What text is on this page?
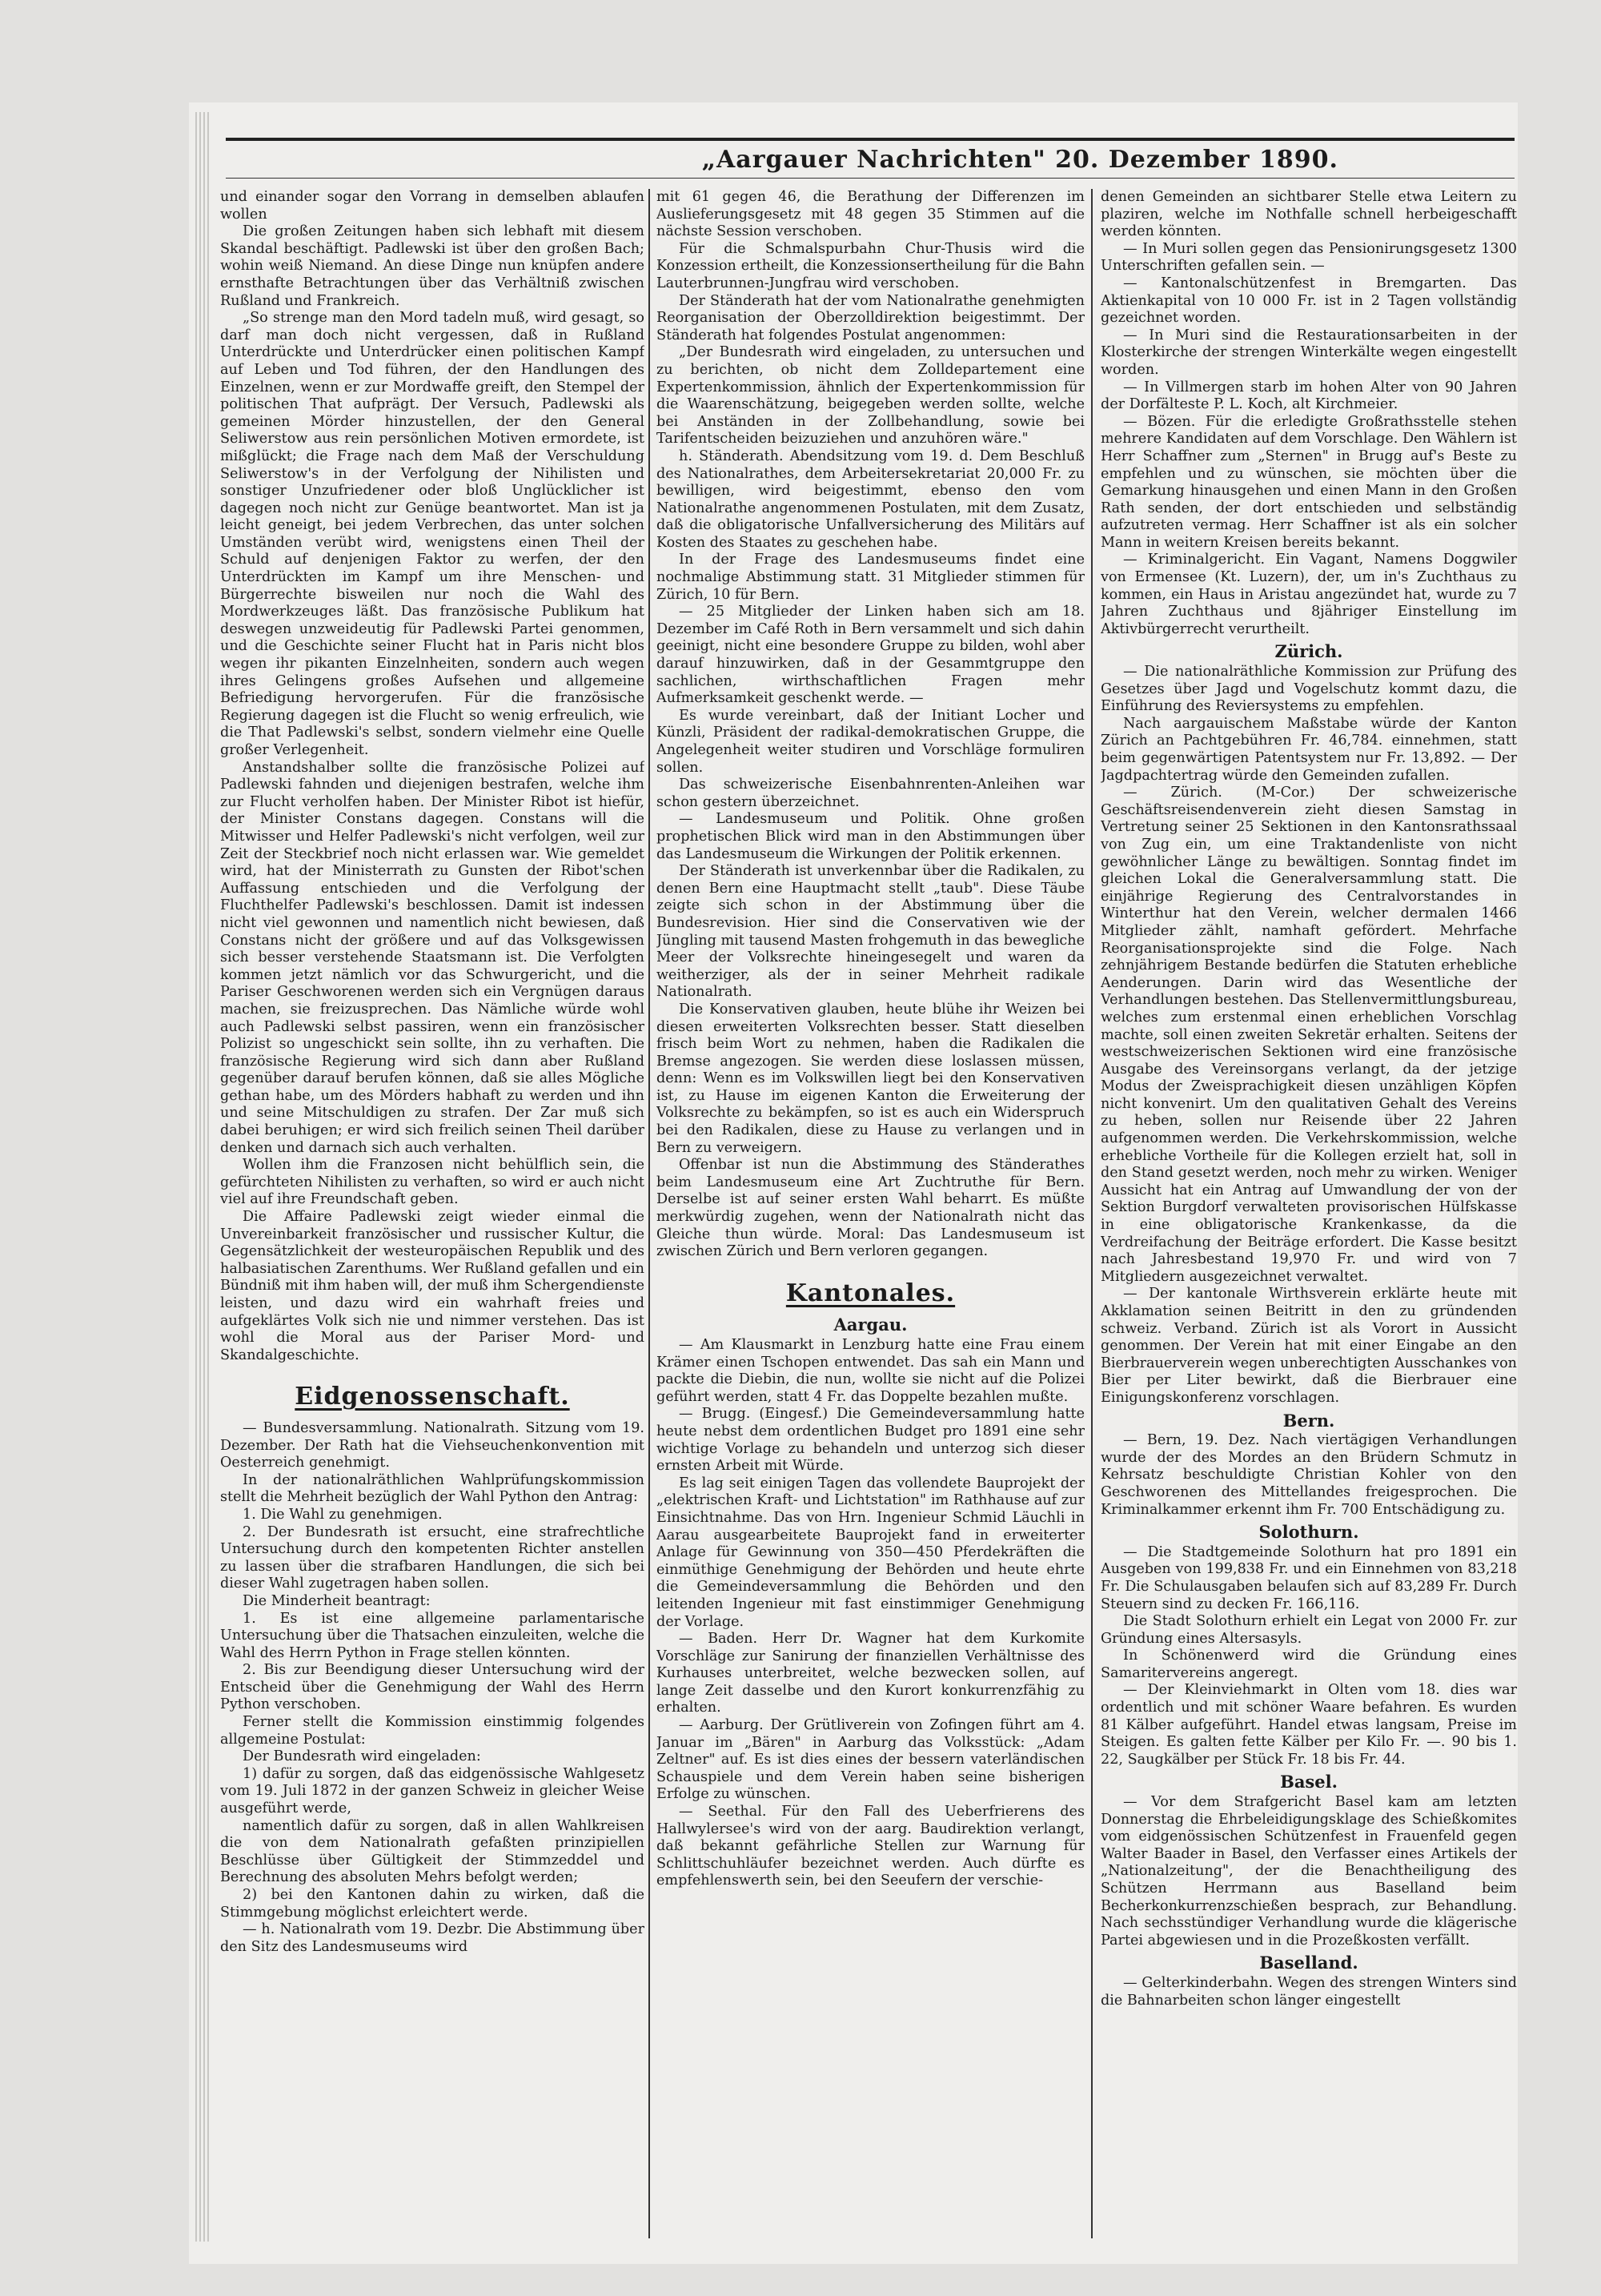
„Aargauer Nachrichten" 20. Dezember 1890.

und einander sogar den Vorrang in demselben ablaufen wollen

Die großen Zeitungen haben sich lebhaft mit diesem Skandal beschäftigt. Padlewski ist über den großen Bach; wohin weiß Niemand. An diese Dinge nun knüpfen andere ernsthafte Betrachtungen über das Verhältniß zwischen Rußland und Frankreich.

„So strenge man den Mord tadeln muß, wird gesagt, so darf man doch nicht vergessen, daß in Rußland Unterdrückte und Unterdrücker einen politischen Kampf auf Leben und Tod führen, der den Handlungen des Einzelnen, wenn er zur Mordwaffe greift, den Stempel der politischen That aufprägt. Der Versuch, Padlewski als gemeinen Mörder hinzustellen, der den General Seliwerstow aus rein persönlichen Motiven ermordete, ist mißglückt; die Frage nach dem Maß der Verschuldung Seliwerstow's in der Verfolgung der Nihilisten und sonstiger Unzufriedener oder bloß Unglücklicher ist dagegen noch nicht zur Genüge beantwortet. Man ist ja leicht geneigt, bei jedem Verbrechen, das unter solchen Umständen verübt wird, wenigstens einen Theil der Schuld auf denjenigen Faktor zu werfen, der den Unterdrückten im Kampf um ihre Menschen- und Bürgerrechte bisweilen nur noch die Wahl des Mordwerkzeuges läßt. Das französische Publikum hat deswegen unzweideutig für Padlewski Partei genommen, und die Geschichte seiner Flucht hat in Paris nicht blos wegen ihr pikanten Einzelnheiten, sondern auch wegen ihres Gelingens großes Aufsehen und allgemeine Befriedigung hervorgerufen. Für die französische Regierung dagegen ist die Flucht so wenig erfreulich, wie die That Padlewski's selbst, sondern vielmehr eine Quelle großer Verlegenheit.

Anstandshalber sollte die französische Polizei auf Padlewski fahnden und diejenigen bestrafen, welche ihm zur Flucht verholfen haben. Der Minister Ribot ist hiefür, der Minister Constans dagegen. Constans will die Mitwisser und Helfer Padlewski's nicht verfolgen, weil zur Zeit der Steckbrief noch nicht erlassen war. Wie gemeldet wird, hat der Ministerrath zu Gunsten der Ribot'schen Auffassung entschieden und die Verfolgung der Fluchthelfer Padlewski's beschlossen. Damit ist indessen nicht viel gewonnen und namentlich nicht bewiesen, daß Constans nicht der größere und auf das Volksgewissen sich besser verstehende Staatsmann ist. Die Verfolgten kommen jetzt nämlich vor das Schwurgericht, und die Pariser Geschworenen werden sich ein Vergnügen daraus machen, sie freizusprechen. Das Nämliche würde wohl auch Padlewski selbst passiren, wenn ein französischer Polizist so ungeschickt sein sollte, ihn zu verhaften. Die französische Regierung wird sich dann aber Rußland gegenüber darauf berufen können, daß sie alles Mögliche gethan habe, um des Mörders habhaft zu werden und ihn und seine Mitschuldigen zu strafen. Der Zar muß sich dabei beruhigen; er wird sich freilich seinen Theil darüber denken und darnach sich auch verhalten.

Wollen ihm die Franzosen nicht behülflich sein, die gefürchteten Nihilisten zu verhaften, so wird er auch nicht viel auf ihre Freundschaft geben.

Die Affaire Padlewski zeigt wieder einmal die Unvereinbarkeit französischer und russischer Kultur, die Gegensätzlichkeit der westeuropäischen Republik und des halbasiatischen Zarenthums. Wer Rußland gefallen und ein Bündniß mit ihm haben will, der muß ihm Schergendienste leisten, und dazu wird ein wahrhaft freies und aufgeklärtes Volk sich nie und nimmer verstehen. Das ist wohl die Moral aus der Pariser Mord- und Skandalgeschichte.

Eidgenossenschaft.

— Bundesversammlung. Nationalrath. Sitzung vom 19. Dezember. Der Rath hat die Viehseuchenkonvention mit Oesterreich genehmigt.

In der nationalräthlichen Wahlprüfungskommission stellt die Mehrheit bezüglich der Wahl Python den Antrag:

1. Die Wahl zu genehmigen.

2. Der Bundesrath ist ersucht, eine strafrechtliche Untersuchung durch den kompetenten Richter anstellen zu lassen über die strafbaren Handlungen, die sich bei dieser Wahl zugetragen haben sollen.

Die Minderheit beantragt:

1. Es ist eine allgemeine parlamentarische Untersuchung über die Thatsachen einzuleiten, welche die Wahl des Herrn Python in Frage stellen könnten.

2. Bis zur Beendigung dieser Untersuchung wird der Entscheid über die Genehmigung der Wahl des Herrn Python verschoben.

Ferner stellt die Kommission einstimmig folgendes allgemeine Postulat:

Der Bundesrath wird eingeladen:

1) dafür zu sorgen, daß das eidgenössische Wahlgesetz vom 19. Juli 1872 in der ganzen Schweiz in gleicher Weise ausgeführt werde,

namentlich dafür zu sorgen, daß in allen Wahlkreisen die von dem Nationalrath gefaßten prinzipiellen Beschlüsse über Gültigkeit der Stimmzeddel und Berechnung des absoluten Mehrs befolgt werden;

2) bei den Kantonen dahin zu wirken, daß die Stimmgebung möglichst erleichtert werde.

— h. Nationalrath vom 19. Dezbr. Die Abstimmung über den Sitz des Landesmuseums wird

mit 61 gegen 46, die Berathung der Differenzen im Auslieferungsgesetz mit 48 gegen 35 Stimmen auf die nächste Session verschoben.

Für die Schmalspurbahn Chur-Thusis wird die Konzession ertheilt, die Konzessionsertheilung für die Bahn Lauterbrunnen-Jungfrau wird verschoben.

Der Ständerath hat der vom Nationalrathe genehmigten Reorganisation der Oberzolldirektion beigestimmt. Der Ständerath hat folgendes Postulat angenommen:

„Der Bundesrath wird eingeladen, zu untersuchen und zu berichten, ob nicht dem Zolldepartement eine Expertenkommission, ähnlich der Expertenkommission für die Waarenschätzung, beigegeben werden sollte, welche bei Anständen in der Zollbehandlung, sowie bei Tarifentscheiden beizuziehen und anzuhören wäre."

h. Ständerath. Abendsitzung vom 19. d. Dem Beschluß des Nationalrathes, dem Arbeitersekretariat 20,000 Fr. zu bewilligen, wird beigestimmt, ebenso den vom Nationalrathe angenommenen Postulaten, mit dem Zusatz, daß die obligatorische Unfallversicherung des Militärs auf Kosten des Staates zu geschehen habe.

In der Frage des Landesmuseums findet eine nochmalige Abstimmung statt. 31 Mitglieder stimmen für Zürich, 10 für Bern.

— 25 Mitglieder der Linken haben sich am 18. Dezember im Café Roth in Bern versammelt und sich dahin geeinigt, nicht eine besondere Gruppe zu bilden, wohl aber darauf hinzuwirken, daß in der Gesammtgruppe den sachlichen, wirthschaftlichen Fragen mehr Aufmerksamkeit geschenkt werde. —

Es wurde vereinbart, daß der Initiant Locher und Künzli, Präsident der radikal-demokratischen Gruppe, die Angelegenheit weiter studiren und Vorschläge formuliren sollen.

Das schweizerische Eisenbahnrenten-Anleihen war schon gestern überzeichnet.

— Landesmuseum und Politik. Ohne großen prophetischen Blick wird man in den Abstimmungen über das Landesmuseum die Wirkungen der Politik erkennen.

Der Ständerath ist unverkennbar über die Radikalen, zu denen Bern eine Hauptmacht stellt „taub". Diese Täube zeigte sich schon in der Abstimmung über die Bundesrevision. Hier sind die Conservativen wie der Jüngling mit tausend Masten frohgemuth in das bewegliche Meer der Volksrechte hineingesegelt und waren da weitherziger, als der in seiner Mehrheit radikale Nationalrath.

Die Konservativen glauben, heute blühe ihr Weizen bei diesen erweiterten Volksrechten besser. Statt dieselben frisch beim Wort zu nehmen, haben die Radikalen die Bremse angezogen. Sie werden diese loslassen müssen, denn: Wenn es im Volkswillen liegt bei den Konservativen ist, zu Hause im eigenen Kanton die Erweiterung der Volksrechte zu bekämpfen, so ist es auch ein Widerspruch bei den Radikalen, diese zu Hause zu verlangen und in Bern zu verweigern.

Offenbar ist nun die Abstimmung des Ständerathes beim Landesmuseum eine Art Zuchtruthe für Bern. Derselbe ist auf seiner ersten Wahl beharrt. Es müßte merkwürdig zugehen, wenn der Nationalrath nicht das Gleiche thun würde. Moral: Das Landesmuseum ist zwischen Zürich und Bern verloren gegangen.

Kantonales.
Aargau.

— Am Klausmarkt in Lenzburg hatte eine Frau einem Krämer einen Tschopen entwendet. Das sah ein Mann und packte die Diebin, die nun, wollte sie nicht auf die Polizei geführt werden, statt 4 Fr. das Doppelte bezahlen mußte.

— Brugg. (Eingesf.) Die Gemeindeversammlung hatte heute nebst dem ordentlichen Budget pro 1891 eine sehr wichtige Vorlage zu behandeln und unterzog sich dieser ernsten Arbeit mit Würde.

Es lag seit einigen Tagen das vollendete Bauprojekt der „elektrischen Kraft- und Lichtstation" im Rathhause auf zur Einsichtnahme. Das von Hrn. Ingenieur Schmid Läuchli in Aarau ausgearbeitete Bauprojekt fand in erweiterter Anlage für Gewinnung von 350—450 Pferdekräften die einmüthige Genehmigung der Behörden und heute ehrte die Gemeindeversammlung die Behörden und den leitenden Ingenieur mit fast einstimmiger Genehmigung der Vorlage.

— Baden. Herr Dr. Wagner hat dem Kurkomite Vorschläge zur Sanirung der finanziellen Verhältnisse des Kurhauses unterbreitet, welche bezwecken sollen, auf lange Zeit dasselbe und den Kurort konkurrenzfähig zu erhalten.

— Aarburg. Der Grütliverein von Zofingen führt am 4. Januar im „Bären" in Aarburg das Volksstück: „Adam Zeltner" auf. Es ist dies eines der bessern vaterländischen Schauspiele und dem Verein haben seine bisherigen Erfolge zu wünschen.

— Seethal. Für den Fall des Ueberfrierens des Hallwylersee's wird von der aarg. Baudirektion verlangt, daß bekannt gefährliche Stellen zur Warnung für Schlittschuhläufer bezeichnet werden. Auch dürfte es empfehlenswerth sein, bei den Seeufern der verschie-

denen Gemeinden an sichtbarer Stelle etwa Leitern zu plaziren, welche im Nothfalle schnell herbeigeschafft werden könnten.

— In Muri sollen gegen das Pensionirungsgesetz 1300 Unterschriften gefallen sein. —

— Kantonalschützenfest in Bremgarten. Das Aktienkapital von 10 000 Fr. ist in 2 Tagen vollständig gezeichnet worden.

— In Muri sind die Restaurationsarbeiten in der Klosterkirche der strengen Winterkälte wegen eingestellt worden.

— In Villmergen starb im hohen Alter von 90 Jahren der Dorfälteste P. L. Koch, alt Kirchmeier.

— Bözen. Für die erledigte Großrathsstelle stehen mehrere Kandidaten auf dem Vorschlage. Den Wählern ist Herr Schaffner zum „Sternen" in Brugg auf's Beste zu empfehlen und zu wünschen, sie möchten über die Gemarkung hinausgehen und einen Mann in den Großen Rath senden, der dort entschieden und selbständig aufzutreten vermag. Herr Schaffner ist als ein solcher Mann in weitern Kreisen bereits bekannt.

— Kriminalgericht. Ein Vagant, Namens Doggwiler von Ermensee (Kt. Luzern), der, um in's Zuchthaus zu kommen, ein Haus in Aristau angezündet hat, wurde zu 7 Jahren Zuchthaus und 8jähriger Einstellung im Aktivbürgerrecht verurtheilt.

Zürich.

— Die nationalräthliche Kommission zur Prüfung des Gesetzes über Jagd und Vogelschutz kommt dazu, die Einführung des Reviersystems zu empfehlen.

Nach aargauischem Maßstabe würde der Kanton Zürich an Pachtgebühren Fr. 46,784. einnehmen, statt beim gegenwärtigen Patentsystem nur Fr. 13,892. — Der Jagdpachtertrag würde den Gemeinden zufallen.

— Zürich. (M-Cor.) Der schweizerische Geschäftsreisendenverein zieht diesen Samstag in Vertretung seiner 25 Sektionen in den Kantonsrathssaal von Zug ein, um eine Traktandenliste von nicht gewöhnlicher Länge zu bewältigen. Sonntag findet im gleichen Lokal die Generalversammlung statt. Die einjährige Regierung des Centralvorstandes in Winterthur hat den Verein, welcher dermalen 1466 Mitglieder zählt, namhaft gefördert. Mehrfache Reorganisationsprojekte sind die Folge. Nach zehnjährigem Bestande bedürfen die Statuten erhebliche Aenderungen. Darin wird das Wesentliche der Verhandlungen bestehen. Das Stellenvermittlungsbureau, welches zum erstenmal einen erheblichen Vorschlag machte, soll einen zweiten Sekretär erhalten. Seitens der westschweizerischen Sektionen wird eine französische Ausgabe des Vereinsorgans verlangt, da der jetzige Modus der Zweisprachigkeit diesen unzähligen Köpfen nicht konvenirt. Um den qualitativen Gehalt des Vereins zu heben, sollen nur Reisende über 22 Jahren aufgenommen werden. Die Verkehrskommission, welche erhebliche Vortheile für die Kollegen erzielt hat, soll in den Stand gesetzt werden, noch mehr zu wirken. Weniger Aussicht hat ein Antrag auf Umwandlung der von der Sektion Burgdorf verwalteten provisorischen Hülfskasse in eine obligatorische Krankenkasse, da die Verdreifachung der Beiträge erfordert. Die Kasse besitzt nach Jahresbestand 19,970 Fr. und wird von 7 Mitgliedern ausgezeichnet verwaltet.

— Der kantonale Wirthsverein erklärte heute mit Akklamation seinen Beitritt in den zu gründenden schweiz. Verband. Zürich ist als Vorort in Aussicht genommen. Der Verein hat mit einer Eingabe an den Bierbrauerverein wegen unberechtigten Ausschankes von Bier per Liter bewirkt, daß die Bierbrauer eine Einigungskonferenz vorschlagen.

Bern.

— Bern, 19. Dez. Nach viertägigen Verhandlungen wurde der des Mordes an den Brüdern Schmutz in Kehrsatz beschuldigte Christian Kohler von den Geschworenen des Mittellandes freigesprochen. Die Kriminalkammer erkennt ihm Fr. 700 Entschädigung zu.

Solothurn.

— Die Stadtgemeinde Solothurn hat pro 1891 ein Ausgeben von 199,838 Fr. und ein Einnehmen von 83,218 Fr. Die Schulausgaben belaufen sich auf 83,289 Fr. Durch Steuern sind zu decken Fr. 166,116.

Die Stadt Solothurn erhielt ein Legat von 2000 Fr. zur Gründung eines Altersasyls.

In Schönenwerd wird die Gründung eines Samaritervereins angeregt.

— Der Kleinviehmarkt in Olten vom 18. dies war ordentlich und mit schöner Waare befahren. Es wurden 81 Kälber aufgeführt. Handel etwas langsam, Preise im Steigen. Es galten fette Kälber per Kilo Fr. —. 90 bis 1. 22, Saugkälber per Stück Fr. 18 bis Fr. 44.

Basel.

— Vor dem Strafgericht Basel kam am letzten Donnerstag die Ehrbeleidigungsklage des Schießkomites vom eidgenössischen Schützenfest in Frauenfeld gegen Walter Baader in Basel, den Verfasser eines Artikels der „Nationalzeitung", der die Benachtheiligung des Schützen Herrmann aus Baselland beim Becherkonkurrenzschießen besprach, zur Behandlung. Nach sechsstündiger Verhandlung wurde die klägerische Partei abgewiesen und in die Prozeßkosten verfällt.

Baselland.

— Gelterkinderbahn. Wegen des strengen Winters sind die Bahnarbeiten schon länger eingestellt
